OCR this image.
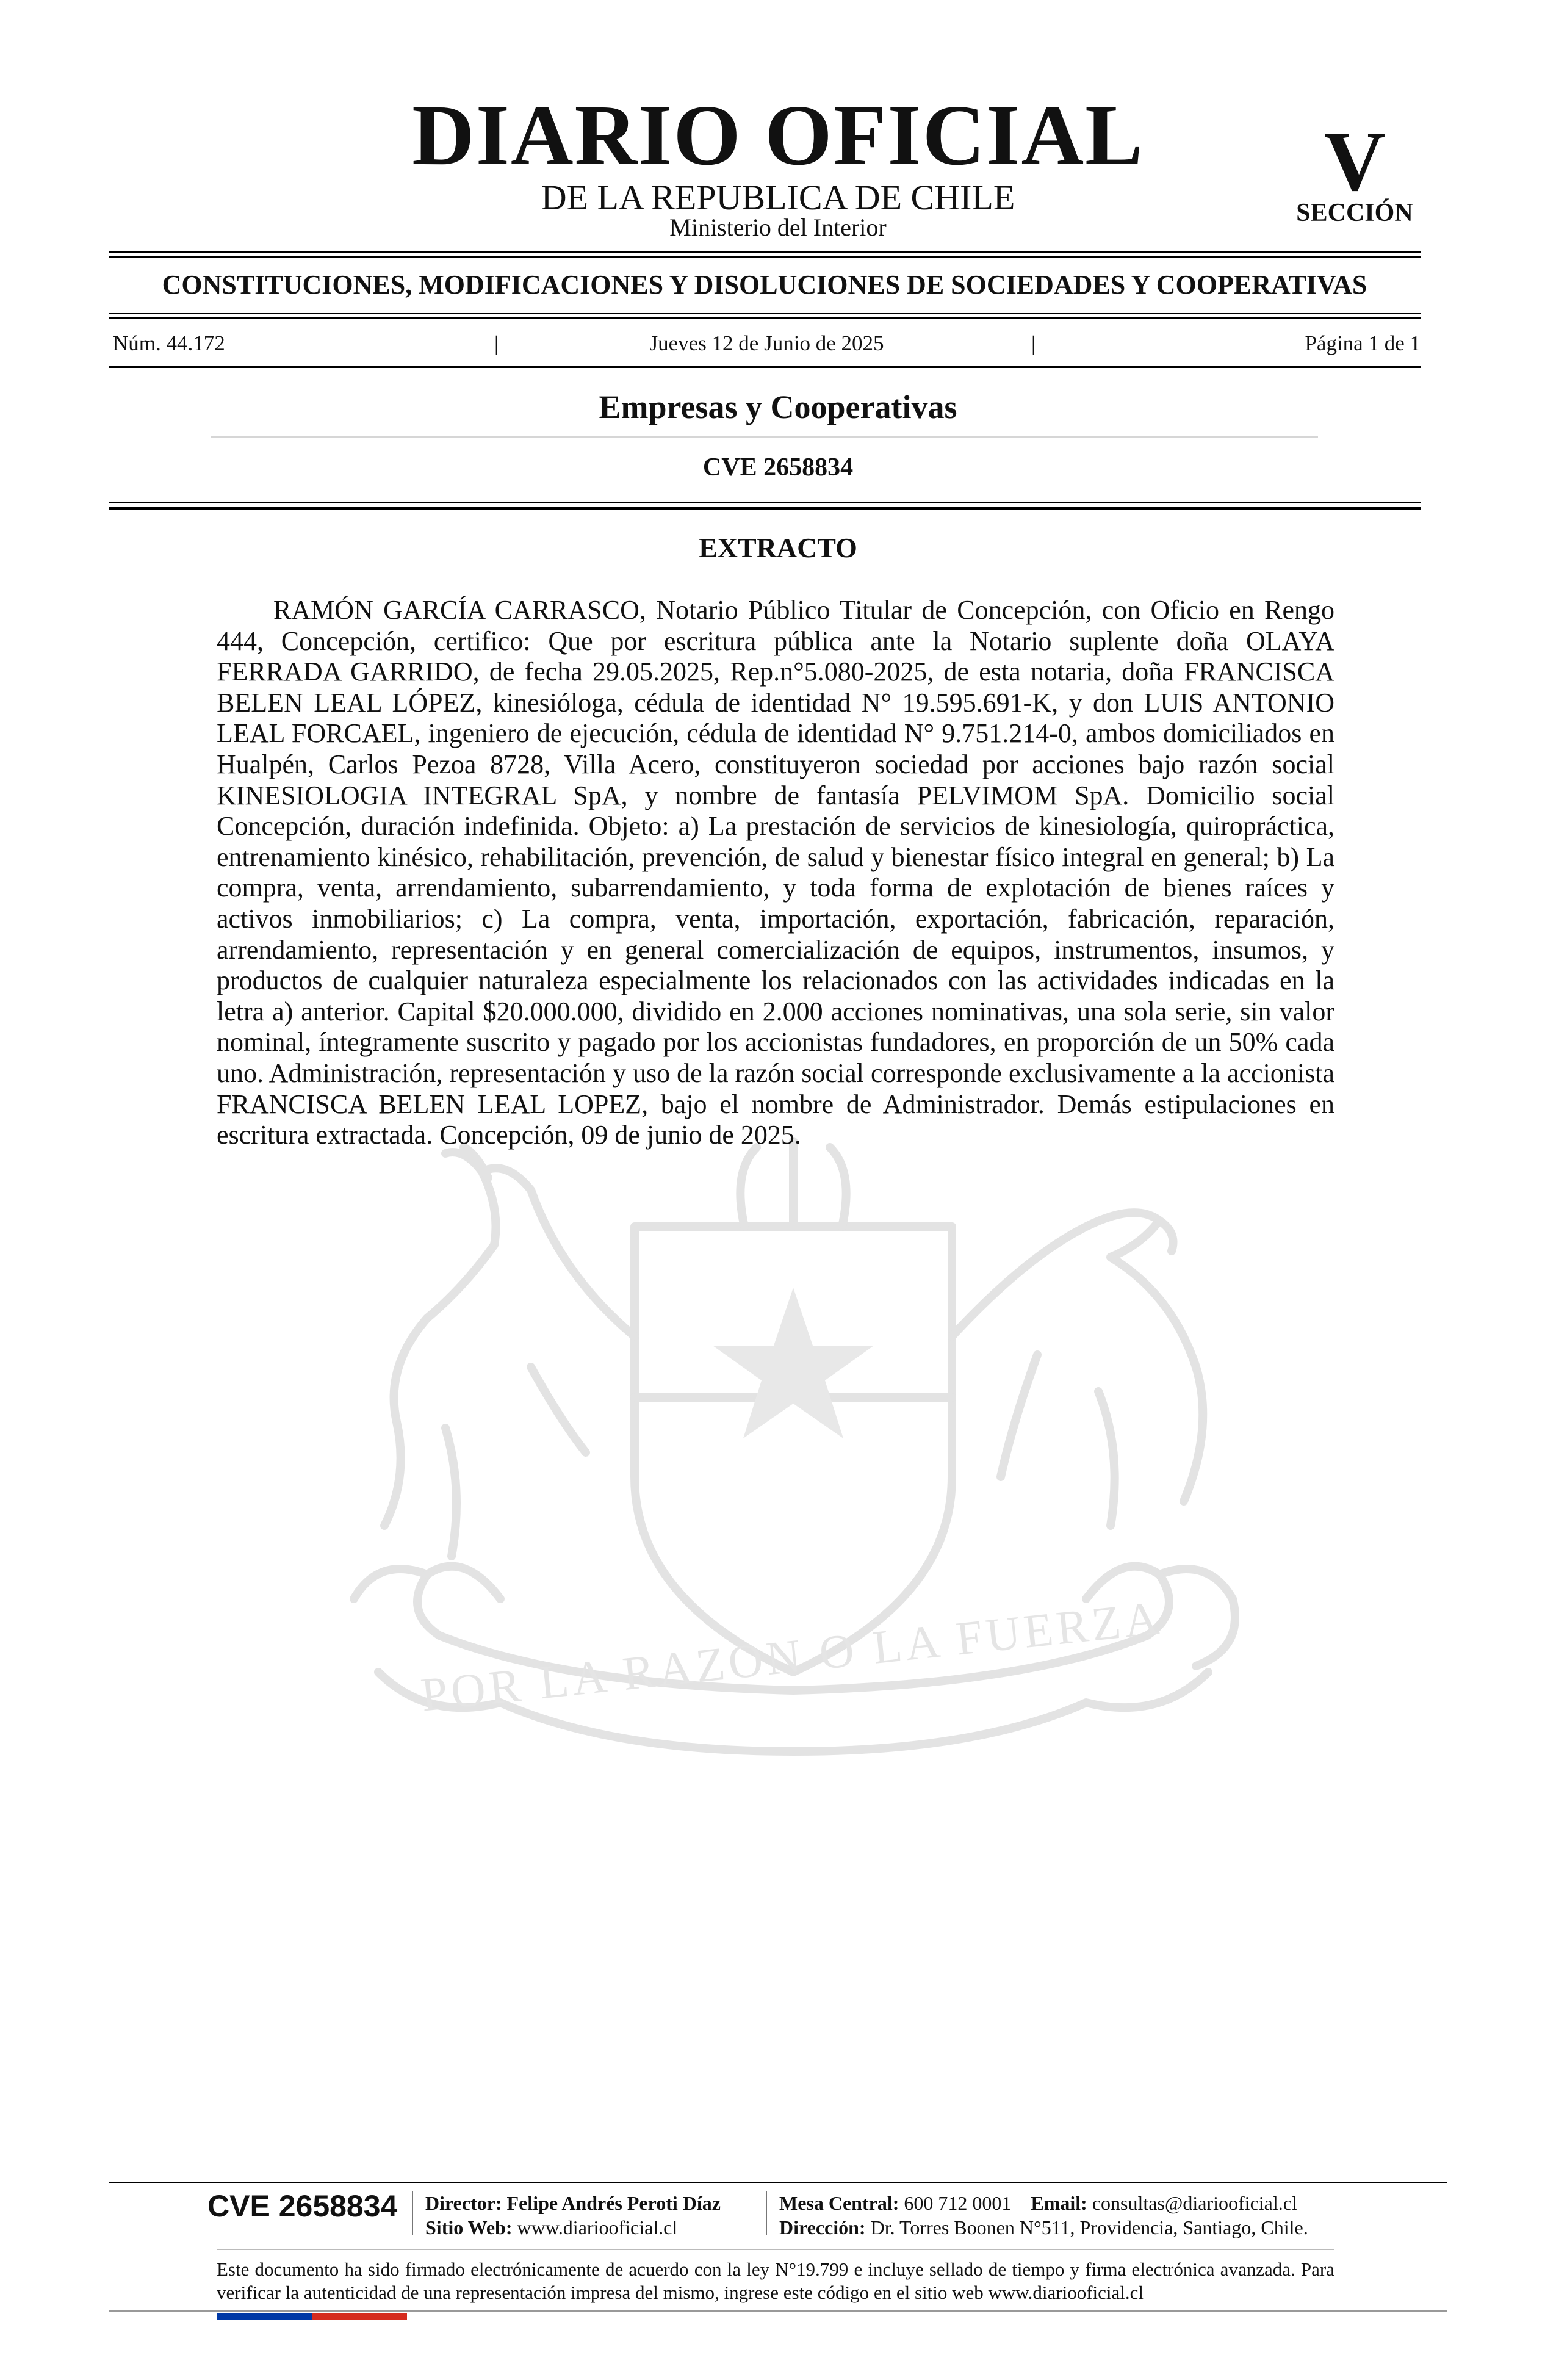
DIARIO OFICIAL
DE LA REPUBLICA DE CHILE
Ministerio del Interior
V
SECCIÓN
CONSTITUCIONES, MODIFICACIONES Y DISOLUCIONES DE SOCIEDADES Y COOPERATIVAS
Núm. 44.172	|	Jueves 12 de Junio de 2025	|	Página 1 de 1
Empresas y Cooperativas
CVE 2658834
POR LA RAZON O LA FUERZA
EXTRACTO
RAMÓN GARCÍA CARRASCO, Notario Público Titular de Concepción, con Oficio en Rengo 444, Concepción, certifico: Que por escritura pública ante la Notario suplente doña OLAYA FERRADA GARRIDO, de fecha 29.05.2025, Rep.n°5.080-2025, de esta notaria, doña FRANCISCA BELEN LEAL LÓPEZ, kinesióloga, cédula de identidad N° 19.595.691-K, y don LUIS ANTONIO LEAL FORCAEL, ingeniero de ejecución, cédula de identidad N° 9.751.214-0, ambos domiciliados en Hualpén, Carlos Pezoa 8728, Villa Acero, constituyeron sociedad por acciones bajo razón social KINESIOLOGIA INTEGRAL SpA, y nombre de fantasía PELVIMOM SpA. Domicilio social Concepción, duración indefinida. Objeto: a) La prestación de servicios de kinesiología, quiropráctica, entrenamiento kinésico, rehabilitación, prevención, de salud y bienestar físico integral en general; b) La compra, venta, arrendamiento, subarrendamiento, y toda forma de explotación de bienes raíces y activos inmobiliarios; c) La compra, venta, importación, exportación, fabricación, reparación, arrendamiento, representación y en general comercialización de equipos, instrumentos, insumos, y productos de cualquier naturaleza especialmente los relacionados con las actividades indicadas en la letra a) anterior. Capital $20.000.000, dividido en 2.000 acciones nominativas, una sola serie, sin valor nominal, íntegramente suscrito y pagado por los accionistas fundadores, en proporción de un 50% cada uno. Administración, representación y uso de la razón social corresponde exclusivamente a la accionista FRANCISCA BELEN LEAL LOPEZ, bajo el nombre de Administrador. Demás estipulaciones en escritura extractada. Concepción, 09 de junio de 2025.
CVE 2658834	Director: Felipe Andrés Peroti Díaz
Sitio Web: www.diariooficial.cl
Mesa Central: 600 712 0001 Email: consultas@diariooficial.cl
Dirección: Dr. Torres Boonen N°511, Providencia, Santiago, Chile.
Este documento ha sido firmado electrónicamente de acuerdo con la ley N°19.799 e incluye sellado de tiempo y firma electrónica avanzada. Para verificar la autenticidad de una representación impresa del mismo, ingrese este código en el sitio web www.diariooficial.cl
